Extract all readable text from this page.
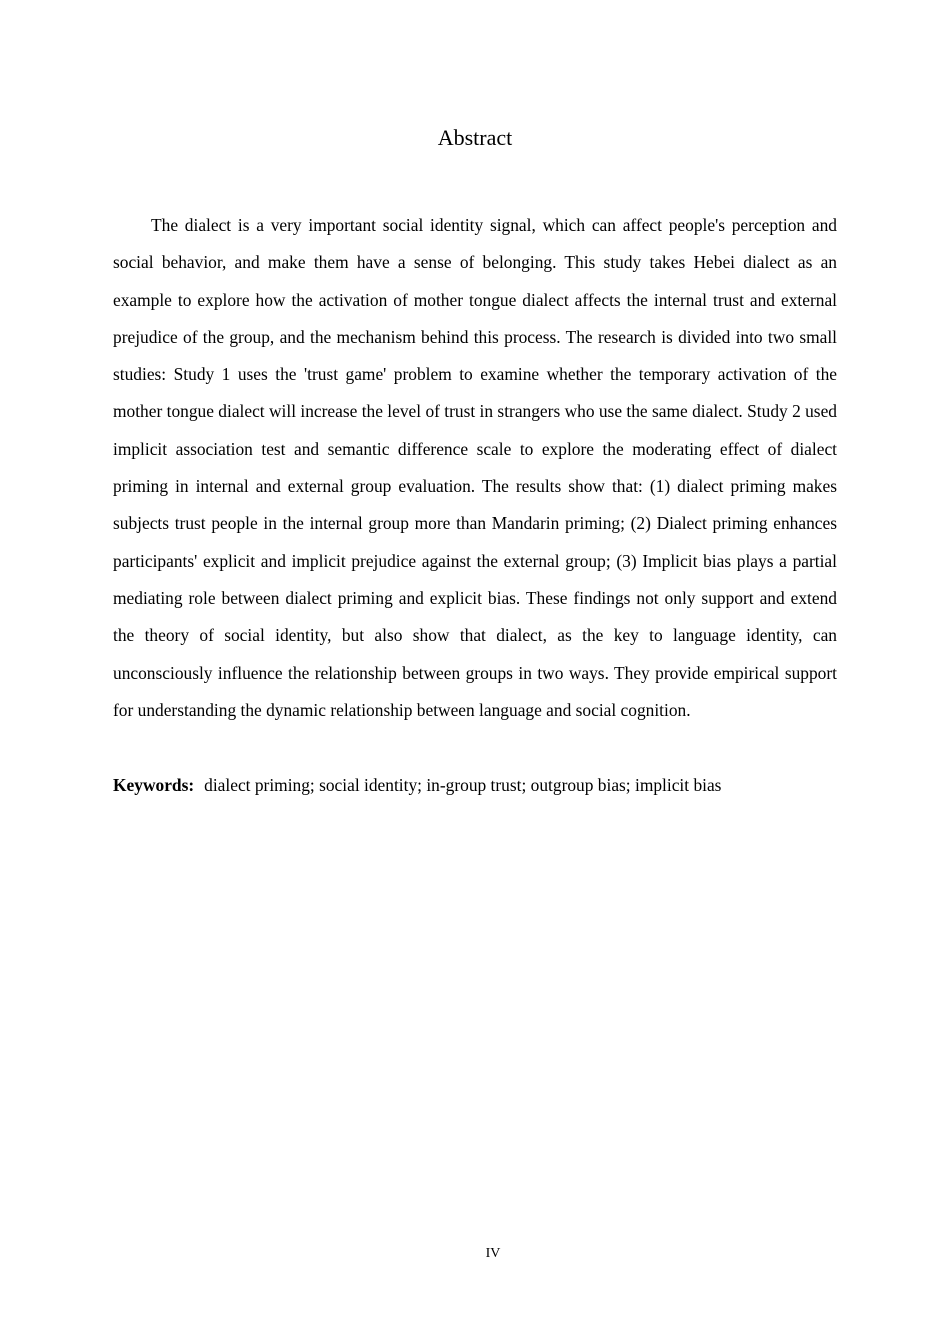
Abstract

The dialect is a very important social identity signal, which can affect people's perception and social behavior, and make them have a sense of belonging. This study takes Hebei dialect as an example to explore how the activation of mother tongue dialect affects the internal trust and external prejudice of the group, and the mechanism behind this process. The research is divided into two small studies: Study 1 uses the 'trust game' problem to examine whether the temporary activation of the mother tongue dialect will increase the level of trust in strangers who use the same dialect. Study 2 used implicit association test and semantic difference scale to explore the moderating effect of dialect priming in internal and external group evaluation. The results show that: (1) dialect priming makes subjects trust people in the internal group more than Mandarin priming; (2) Dialect priming enhances participants' explicit and implicit prejudice against the external group; (3) Implicit bias plays a partial mediating role between dialect priming and explicit bias. These findings not only support and extend the theory of social identity, but also show that dialect, as the key to language identity, can unconsciously influence the relationship between groups in two ways. They provide empirical support for understanding the dynamic relationship between language and social cognition.

Keywords: dialect priming; social identity; in-group trust; outgroup bias; implicit bias

IV
